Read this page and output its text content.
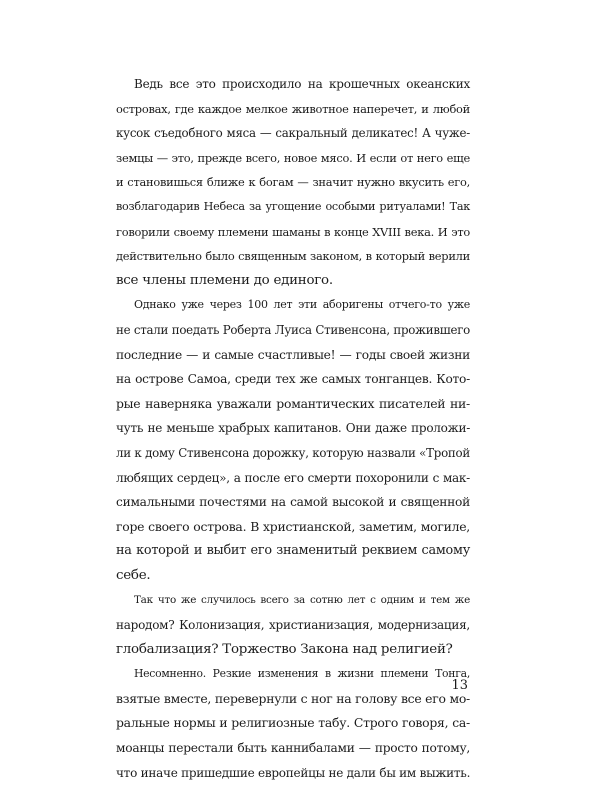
Ведь все это происходило на крошечных океанских
островах, где каждое мелкое животное наперечет, и любой
кусок съедобного мяса — сакральный деликатес! А чуже-
земцы — это, прежде всего, новое мясо. И если от него еще
и становишься ближе к богам — значит нужно вкусить его,
возблагодарив Небеса за угощение особыми ритуалами! Так
говорили своему племени шаманы в конце XVIII века. И это
действительно было священным законом, в который верили
все члены племени до единого.
Однако уже через 100 лет эти аборигены отчего-то уже
не стали поедать Роберта Луиса Стивенсона, прожившего
последние — и самые счастливые! — годы своей жизни
на острове Самоа, среди тех же самых тонганцев. Кото-
рые наверняка уважали романтических писателей ни-
чуть не меньше храбрых капитанов. Они даже проложи-
ли к дому Стивенсона дорожку, которую назвали «Тропой
любящих сердец», а после его смерти похоронили с мак-
симальными почестями на самой высокой и священной
горе своего острова. В христианской, заметим, могиле,
на которой и выбит его знаменитый реквием самому
себе.
Так что же случилось всего за сотню лет с одним и тем же
народом? Колонизация, христианизация, модернизация,
глобализация? Торжество Закона над религией?
Несомненно. Резкие изменения в жизни племени Тонга,
взятые вместе, перевернули с ног на голову все его мо-
ральные нормы и религиозные табу. Строго говоря, са-
моанцы перестали быть каннибалами — просто потому,
что иначе пришедшие европейцы не дали бы им выжить.
13
